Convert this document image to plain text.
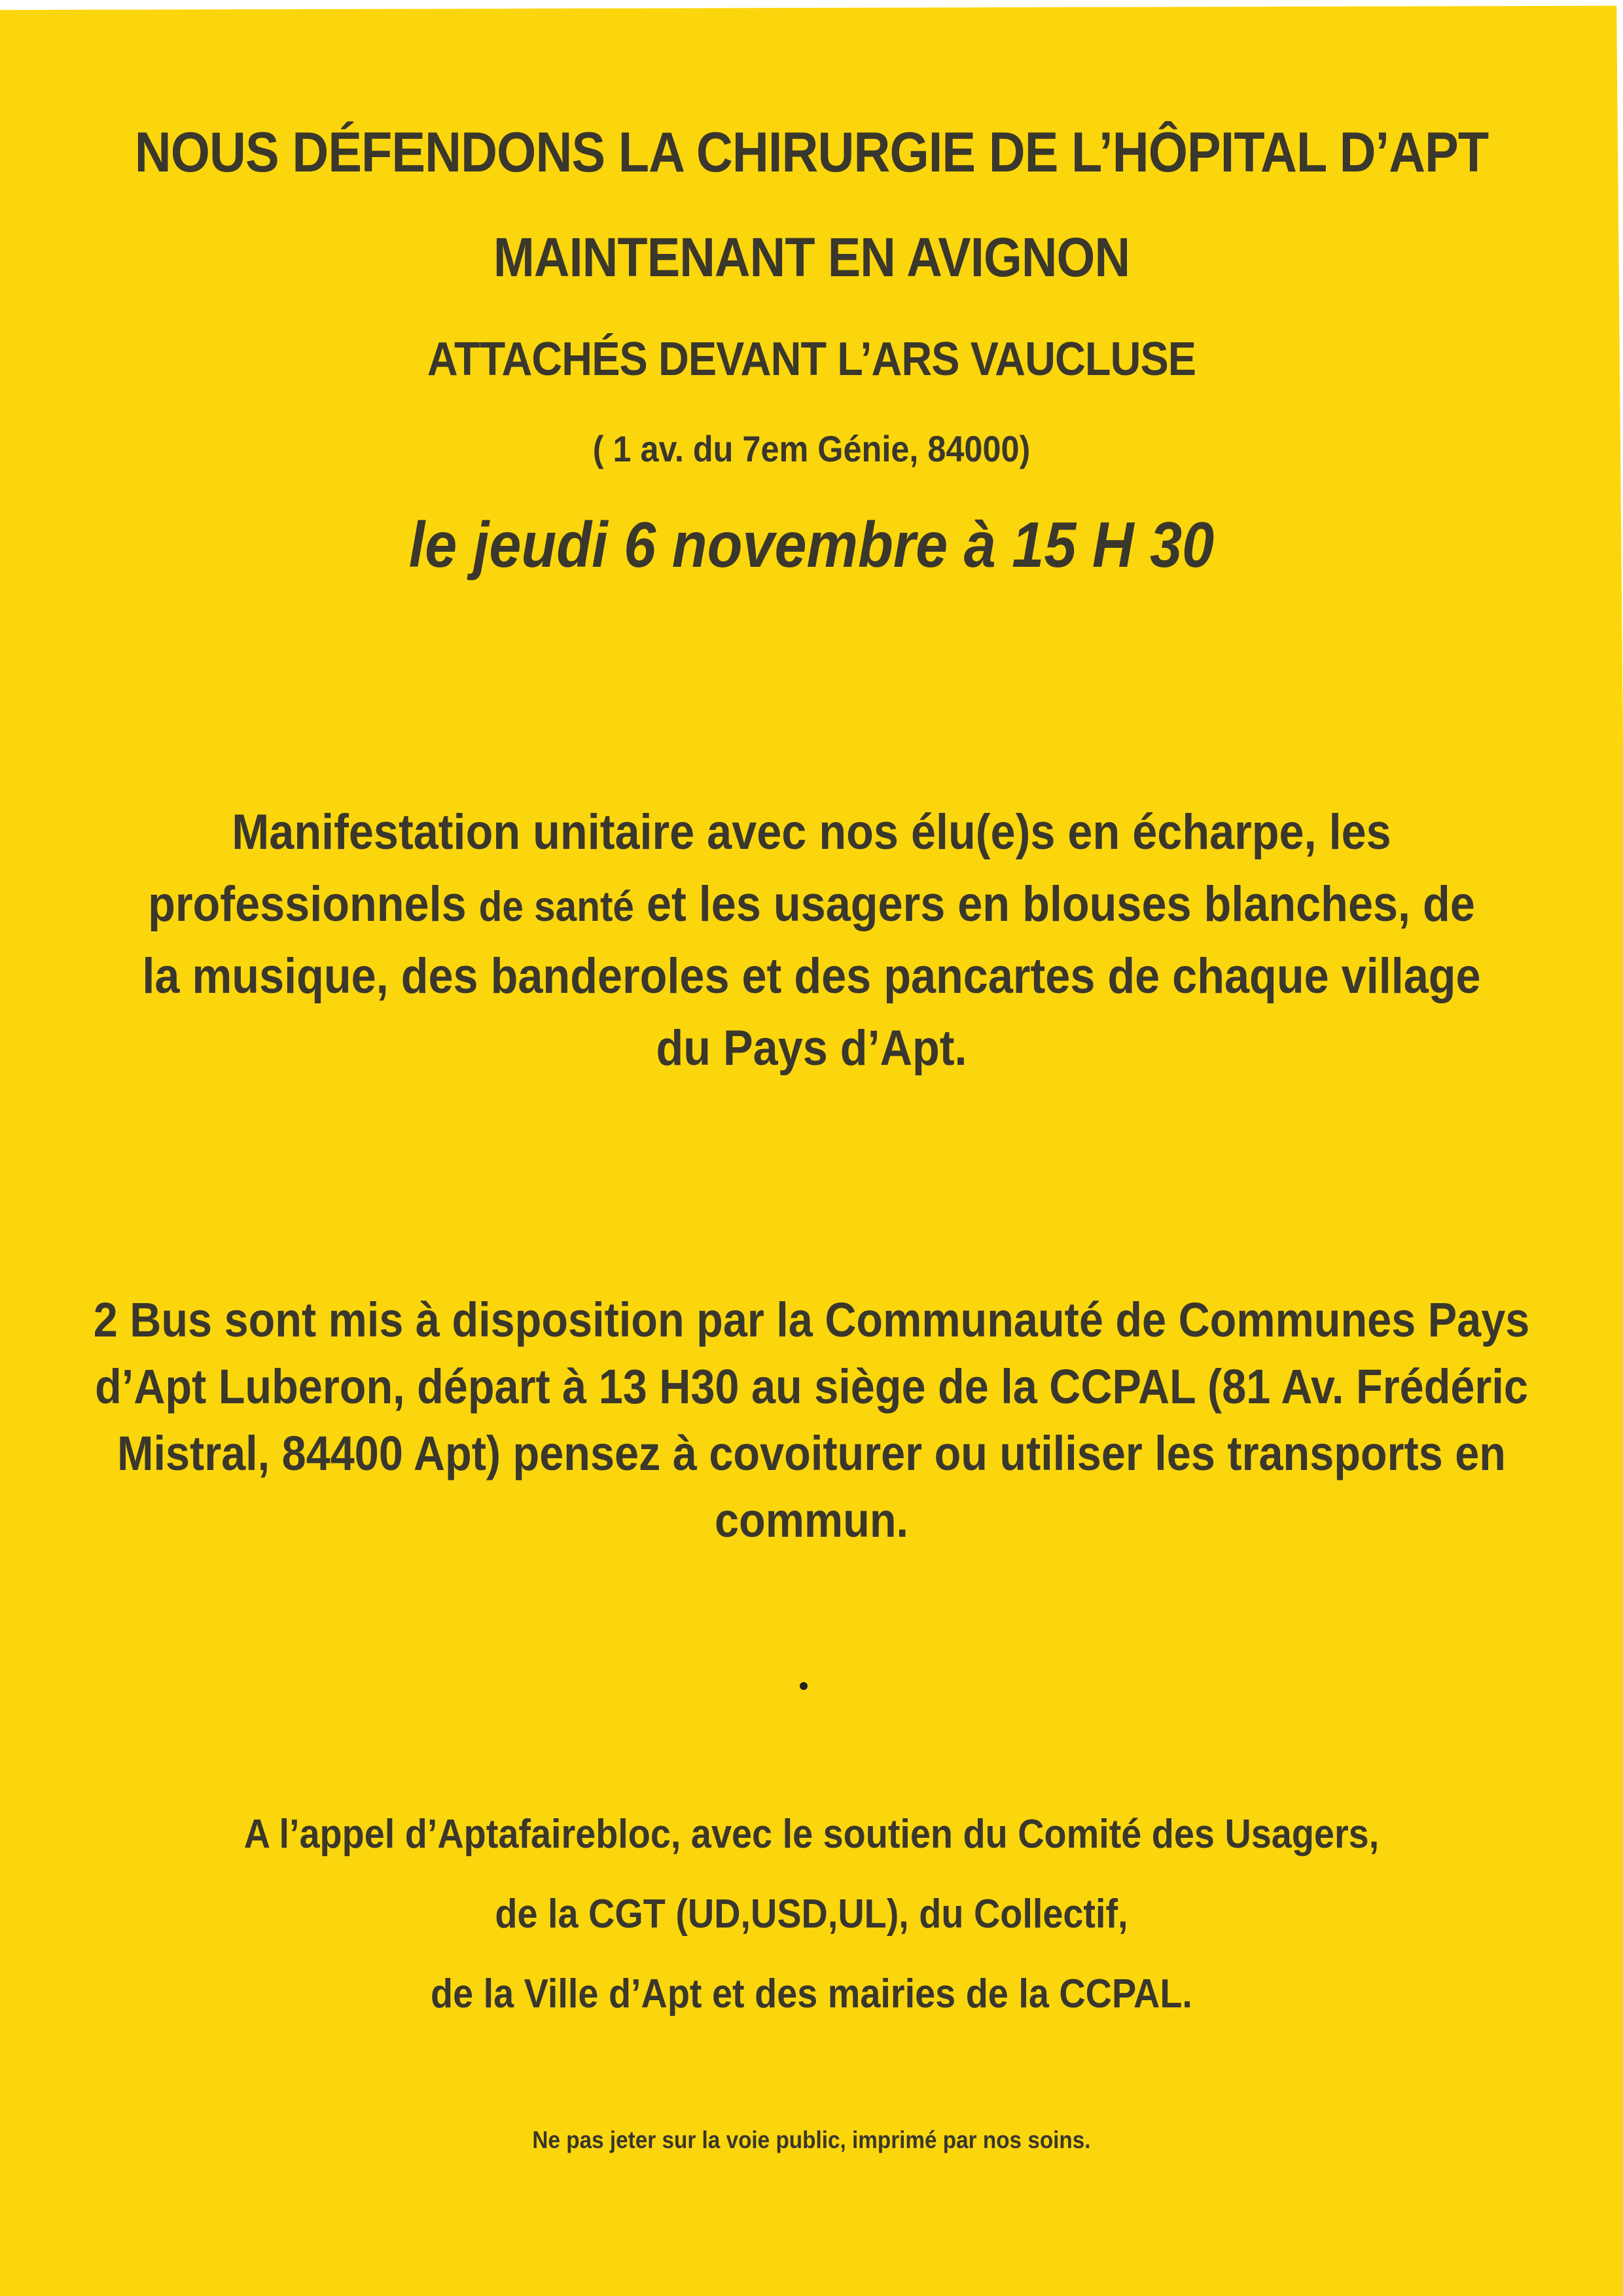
NOUS DÉFENDONS LA CHIRURGIE DE L’HÔPITAL D’APT
MAINTENANT EN AVIGNON
ATTACHÉS DEVANT L’ARS VAUCLUSE
( 1 av. du 7em Génie, 84000)
le jeudi 6 novembre à 15 H 30
Manifestation unitaire avec nos élu(e)s en écharpe, les
professionnels de santé et les usagers en blouses blanches, de
la musique, des banderoles et des pancartes de chaque village
du Pays d’Apt.
2 Bus sont mis à disposition par la Communauté de Communes Pays
d’Apt Luberon, départ à 13 H30 au siège de la CCPAL (81 Av. Frédéric
Mistral, 84400 Apt) pensez à covoiturer ou utiliser les transports en
commun.
A l’appel d’Aptafairebloc, avec le soutien du Comité des Usagers,
de la CGT (UD,USD,UL), du Collectif,
de la Ville d’Apt et des mairies de la CCPAL.
Ne pas jeter sur la voie public, imprimé par nos soins.
